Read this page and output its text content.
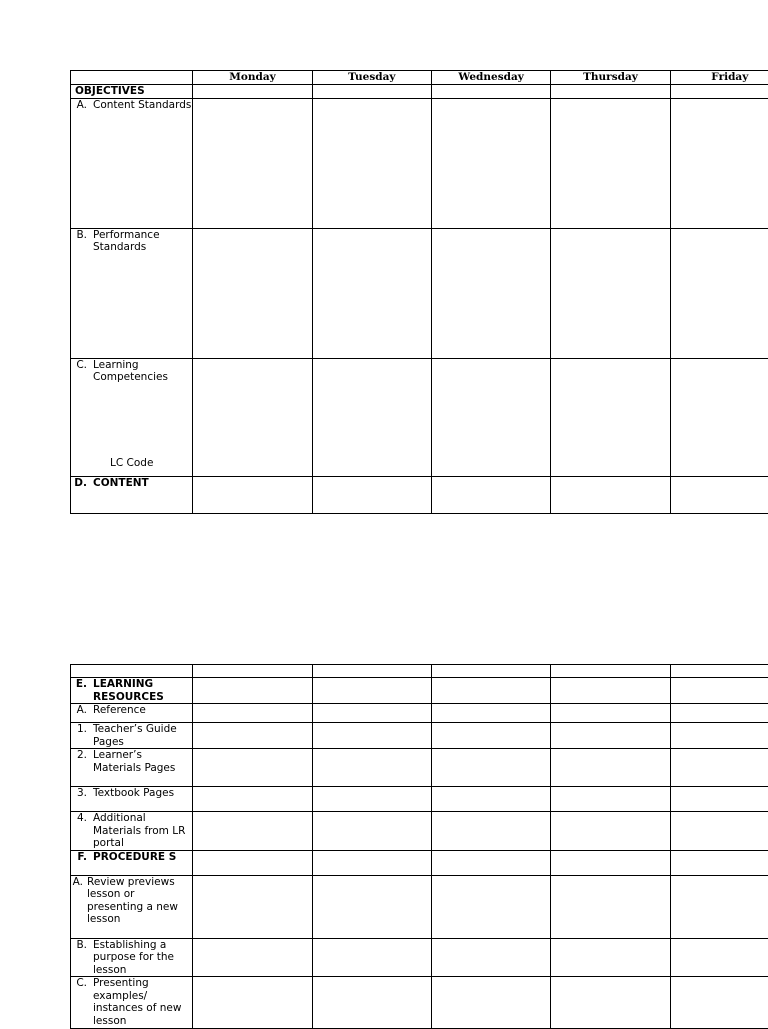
	Monday	Tuesday	Wednesday	Thursday	Friday
OBJECTIVES					

A. Content Standards					

B. Performance Standards					

C. Learning Competencies
LC Code					

D. CONTENT					

E. LEARNING RESOURCES					

A. Reference					

1. Teacher’s Guide Pages					

2. Learner’s Materials Pages					

3. Textbook Pages					

4. Additional Materials from LR portal					

F. PROCEDURE S					

A. Review previews lesson or presenting a new lesson					

B. Establishing a purpose for the lesson					

C. Presenting examples/ instances of new lesson					
